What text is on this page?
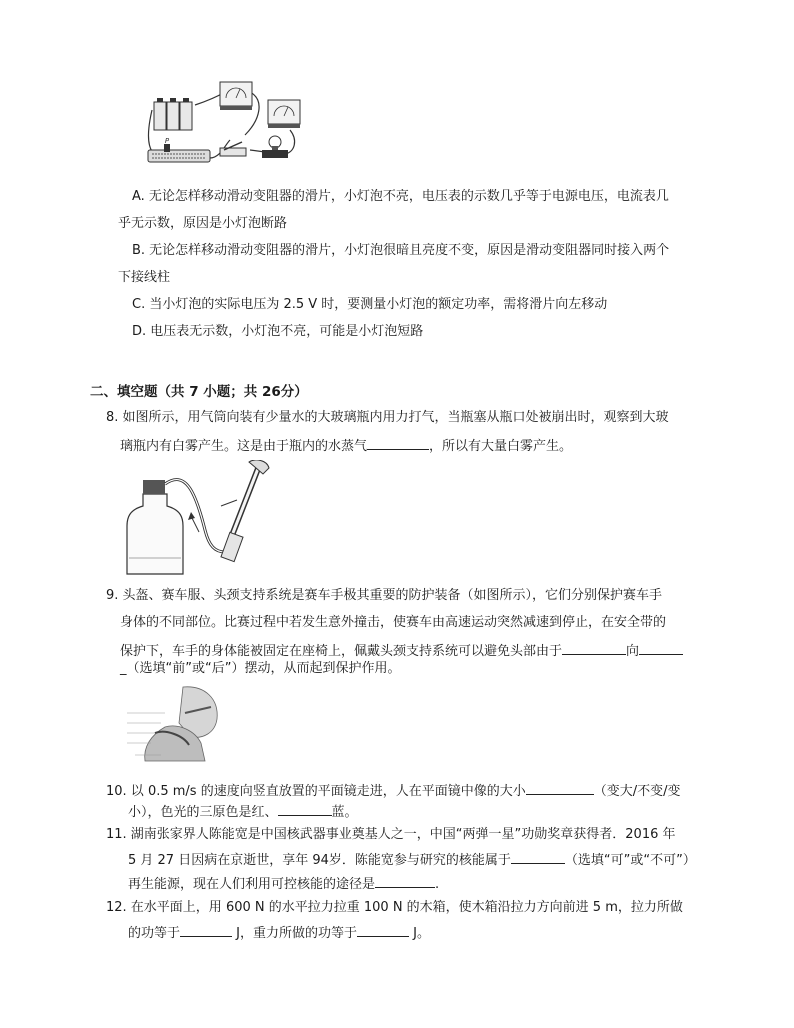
P
A. 无论怎样移动滑动变阻器的滑片，小灯泡不亮，电压表的示数几乎等于电源电压，电流表几
乎无示数，原因是小灯泡断路
B. 无论怎样移动滑动变阻器的滑片，小灯泡很暗且亮度不变，原因是滑动变阻器同时接入两个
下接线柱
C. 当小灯泡的实际电压为 2.5 V 时，要测量小灯泡的额定功率，需将滑片向左移动
D. 电压表无示数，小灯泡不亮，可能是小灯泡短路
二、填空题（共 7 小题；共 26分）
8. 如图所示，用气筒向装有少量水的大玻璃瓶内用力打气，当瓶塞从瓶口处被崩出时，观察到大玻
璃瓶内有白雾产生。这是由于瓶内的水蒸气	，所以有大量白雾产生。
9. 头盔、赛车服、头颈支持系统是赛车手极其重要的防护装备（如图所示），它们分别保护赛车手
身体的不同部位。比赛过程中若发生意外撞击，使赛车由高速运动突然减速到停止，在安全带的
保护下，车手的身体能被固定在座椅上，佩戴头颈支持系统可以避免头部由于	向
_（选填“前”或“后”）摆动，从而起到保护作用。
10. 以 0.5 m/s 的速度向竖直放置的平面镜走进，人在平面镜中像的大小	（变大/不变/变
小），色光的三原色是红、	蓝。
11. 湖南张家界人陈能宽是中国核武器事业奠基人之一，中国“两弹一星”功勋奖章获得者．2016 年
5 月 27 日因病在京逝世，享年 94岁．陈能宽参与研究的核能属于	（选填“可”或“不可”）
再生能源，现在人们利用可控核能的途径是	.
12. 在水平面上，用 600 N 的水平拉力拉重 100 N 的木箱，使木箱沿拉力方向前进 5 m，拉力所做
的功等于	J，重力所做的功等于	J。
